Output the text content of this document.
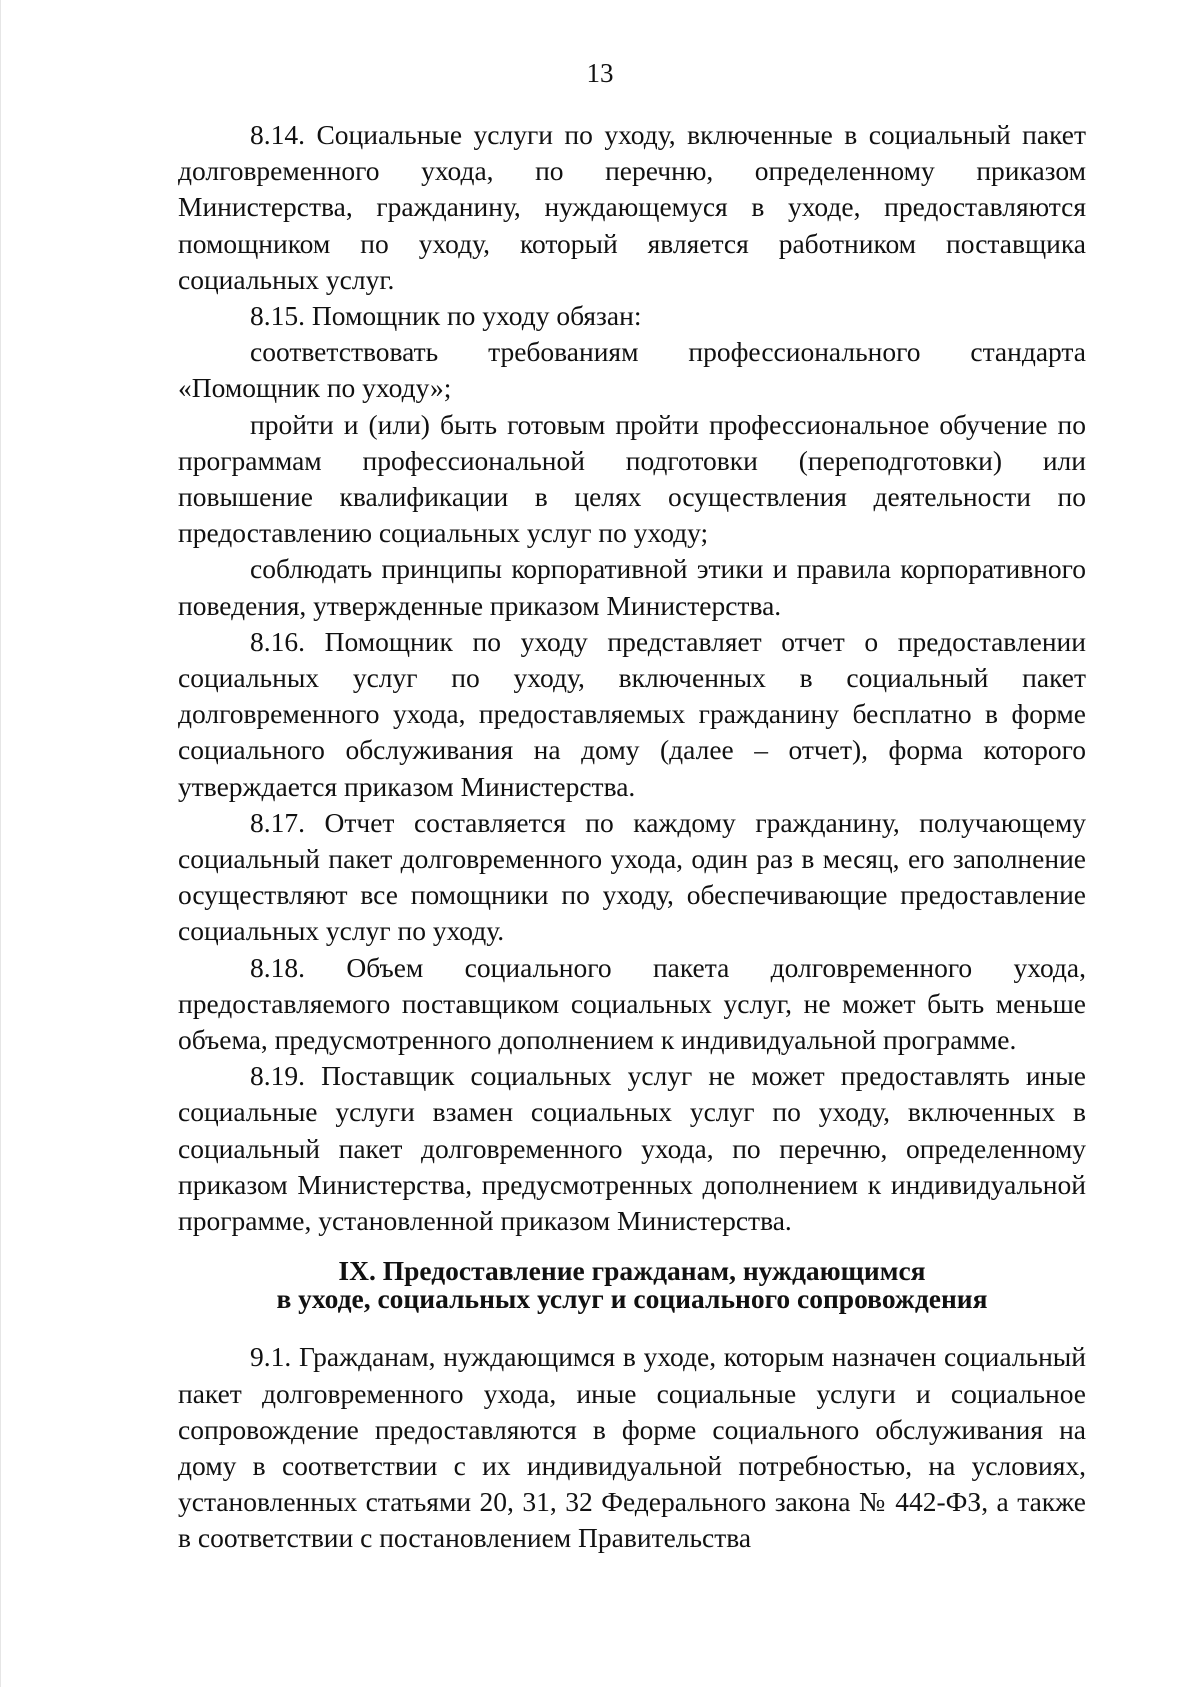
13

8.14. Социальные услуги по уходу, включенные в социальный пакет долговременного ухода, по перечню, определенному приказом Министерства, гражданину, нуждающемуся в уходе, предоставляются помощником по уходу, который является работником поставщика социальных услуг.

8.15. Помощник по уходу обязан:

соответствовать требованиям профессионального стандарта «Помощник по уходу»;

пройти и (или) быть готовым пройти профессиональное обучение по программам профессиональной подготовки (переподготовки) или повышение квалификации в целях осуществления деятельности по предоставлению социальных услуг по уходу;

соблюдать принципы корпоративной этики и правила корпоративного поведения, утвержденные приказом Министерства.

8.16. Помощник по уходу представляет отчет о предоставлении социальных услуг по уходу, включенных в социальный пакет долговременного ухода, предоставляемых гражданину бесплатно в форме социального обслуживания на дому (далее – отчет), форма которого утверждается приказом Министерства.

8.17. Отчет составляется по каждому гражданину, получающему социальный пакет долговременного ухода, один раз в месяц, его заполнение осуществляют все помощники по уходу, обеспечивающие предоставление социальных услуг по уходу.

8.18. Объем социального пакета долговременного ухода, предоставляемого поставщиком социальных услуг, не может быть меньше объема, предусмотренного дополнением к индивидуальной программе.

8.19. Поставщик социальных услуг не может предоставлять иные социальные услуги взамен социальных услуг по уходу, включенных в социальный пакет долговременного ухода, по перечню, определенному приказом Министерства, предусмотренных дополнением к индивидуальной программе, установленной приказом Министерства.

IX. Предоставление гражданам, нуждающимся
в уходе, социальных услуг и социального сопровождения

9.1. Гражданам, нуждающимся в уходе, которым назначен социальный пакет долговременного ухода, иные социальные услуги и социальное сопровождение предоставляются в форме социального обслуживания на дому в соответствии с их индивидуальной потребностью, на условиях, установленных статьями 20, 31, 32 Федерального закона № 442-ФЗ, а также в соответствии с постановлением Правительства
